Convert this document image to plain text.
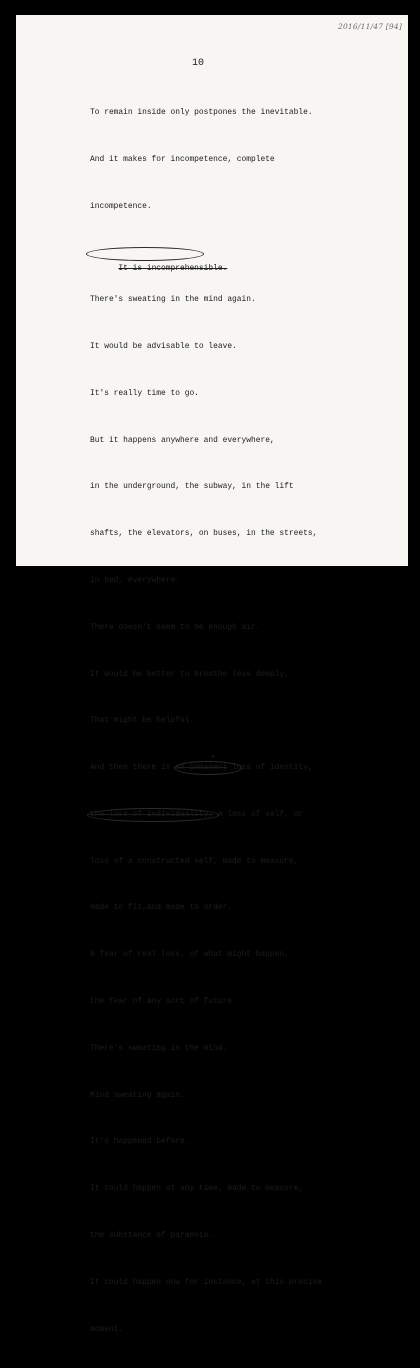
2016/11/47 [94]
10

To remain inside only postpones the inevitable.

And it makes for incompetence, complete

incompetence.

It is incomprehensible.

There's sweating in the mind again.

It would be advisable to leave.

It's really time to go.

But it happens anywhere and everywhere,

in the underground, the subway, in the lift

shafts, the elevators, on buses, in the streets,

in bed, everywhere.

There doesn't seem to be enough air.

It would be better to breathe less deeply.

That might be helpful.

And then there is an immanent loss of identity,

^

the loss of individuality, a loss of self, or

loss of a constructed self, made to measure,

made to fit,and made to order.

A fear of real loss, of what might happen,

the fear of any sort of future.

There's sweating in the mind.

Mind sweating again.

It's happened before.

It could happen at any time, made to measure,

the substance of paranoia.

It could happen now for instance, at this precise

moment.
